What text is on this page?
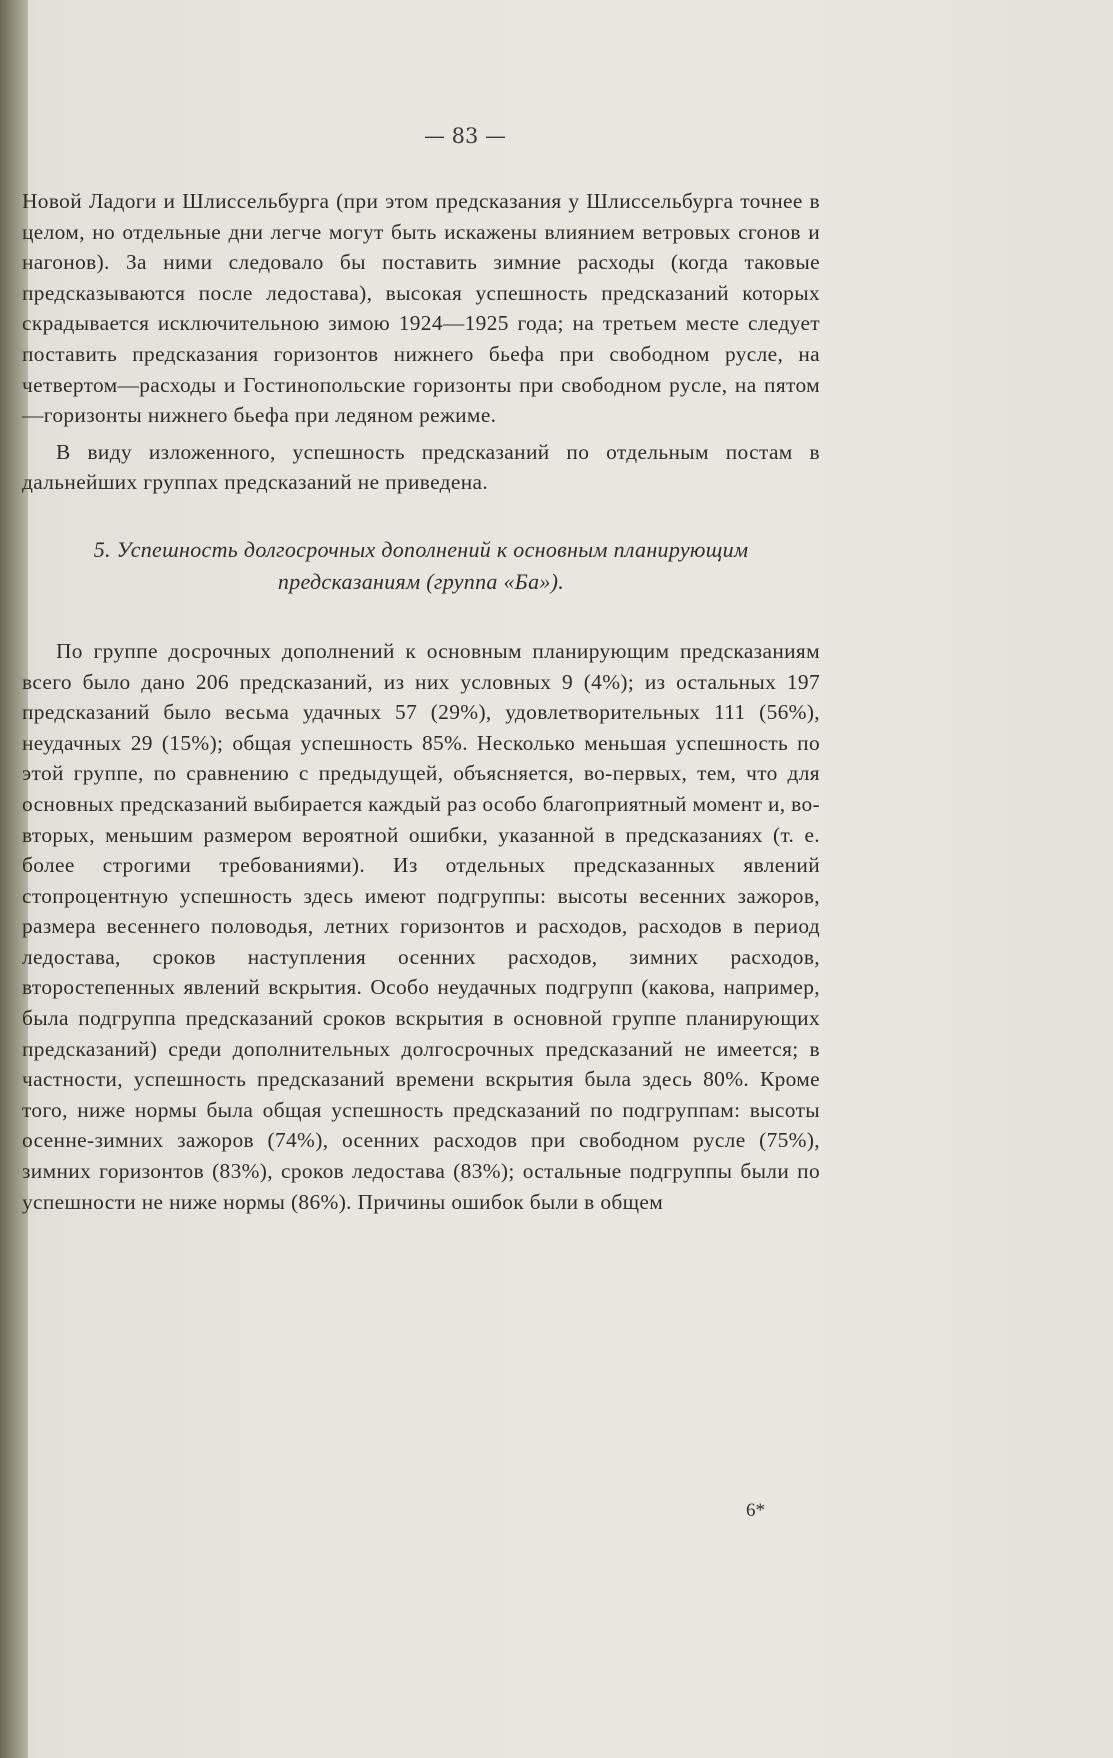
— 83 —

Новой Ладоги и Шлиссельбурга (при этом предсказания у Шлиссельбурга точнее в целом, но отдельные дни легче могут быть искажены влиянием ветровых сгонов и нагонов). За ними следовало бы поставить зимние расходы (когда таковые предсказываются после ледостава), высокая успешность предсказаний которых скрадывается исключительною зимою 1924—1925 года; на третьем месте следует поставить предсказания горизонтов нижнего бьефа при свободном русле, на четвертом—расходы и Гостинопольские горизонты при свободном русле, на пятом—горизонты нижнего бьефа при ледяном режиме.

В виду изложенного, успешность предсказаний по отдельным постам в дальнейших группах предсказаний не приведена.

5. Успешность долгосрочных дополнений к основным планирующим предсказаниям (группа «Ба»).

По группе досрочных дополнений к основным планирующим предсказаниям всего было дано 206 предсказаний, из них условных 9 (4%); из остальных 197 предсказаний было весьма удачных 57 (29%), удовлетворительных 111 (56%), неудачных 29 (15%); общая успешность 85%. Несколько меньшая успешность по этой группе, по сравнению с предыдущей, объясняется, во-первых, тем, что для основных предсказаний выбирается каждый раз особо благоприятный момент и, во-вторых, меньшим размером вероятной ошибки, указанной в предсказаниях (т. е. более строгими требованиями). Из отдельных предсказанных явлений стопроцентную успешность здесь имеют подгруппы: высоты весенних зажоров, размера весеннего половодья, летних горизонтов и расходов, расходов в период ледостава, сроков наступления осенних расходов, зимних расходов, второстепенных явлений вскрытия. Особо неудачных подгрупп (какова, например, была подгруппа предсказаний сроков вскрытия в основной группе планирующих предсказаний) среди дополнительных долгосрочных предсказаний не имеется; в частности, успешность предсказаний времени вскрытия была здесь 80%. Кроме того, ниже нормы была общая успешность предсказаний по подгруппам: высоты осенне-зимних зажоров (74%), осенних расходов при свободном русле (75%), зимних горизонтов (83%), сроков ледостава (83%); остальные подгруппы были по успешности не ниже нормы (86%). Причины ошибок были в общем

6*
